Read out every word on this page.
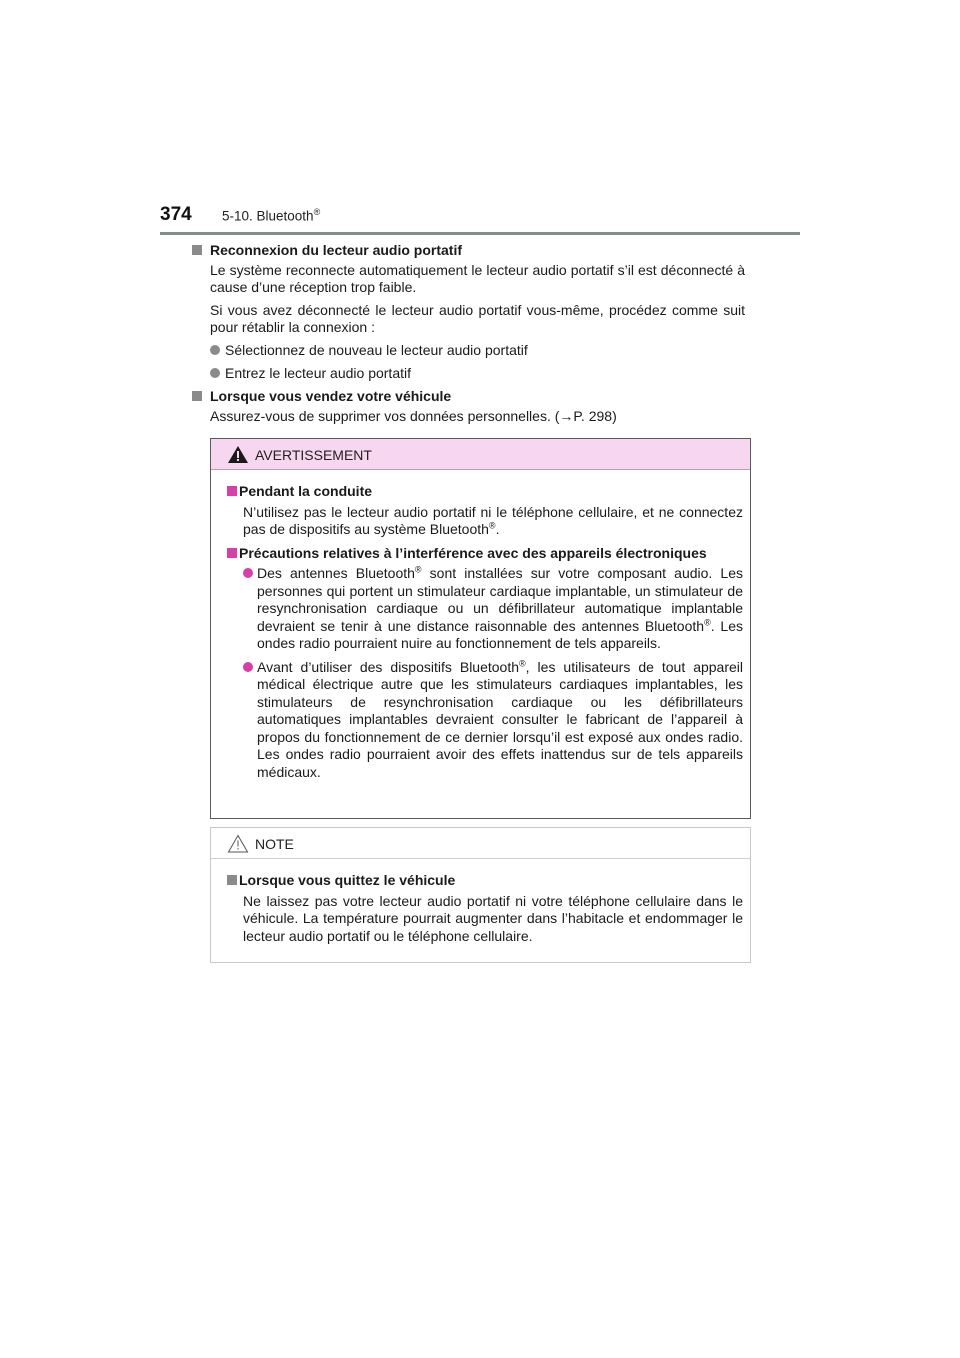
374 5-10. Bluetooth®
Reconnexion du lecteur audio portatif
Le système reconnecte automatiquement le lecteur audio portatif s’il est déconnecté à cause d’une réception trop faible.
Si vous avez déconnecté le lecteur audio portatif vous-même, procédez comme suit pour rétablir la connexion :
Sélectionnez de nouveau le lecteur audio portatif
Entrez le lecteur audio portatif
Lorsque vous vendez votre véhicule
Assurez-vous de supprimer vos données personnelles. (→P. 298)
AVERTISSEMENT
Pendant la conduite
N’utilisez pas le lecteur audio portatif ni le téléphone cellulaire, et ne connectez pas de dispositifs au système Bluetooth®.
Précautions relatives à l’interférence avec des appareils électroniques
Des antennes Bluetooth® sont installées sur votre composant audio. Les personnes qui portent un stimulateur cardiaque implantable, un stimulateur de resynchronisation cardiaque ou un défibrillateur automatique implantable devraient se tenir à une distance raisonnable des antennes Bluetooth®. Les ondes radio pourraient nuire au fonctionnement de tels appareils.
Avant d’utiliser des dispositifs Bluetooth®, les utilisateurs de tout appareil médical électrique autre que les stimulateurs cardiaques implantables, les stimulateurs de resynchronisation cardiaque ou les défibrillateurs automatiques implantables devraient consulter le fabricant de l’appareil à propos du fonctionnement de ce dernier lorsqu’il est exposé aux ondes radio. Les ondes radio pourraient avoir des effets inattendus sur de tels appareils médicaux.
NOTE
Lorsque vous quittez le véhicule
Ne laissez pas votre lecteur audio portatif ni votre téléphone cellulaire dans le véhicule. La température pourrait augmenter dans l’habitacle et endommager le lecteur audio portatif ou le téléphone cellulaire.
